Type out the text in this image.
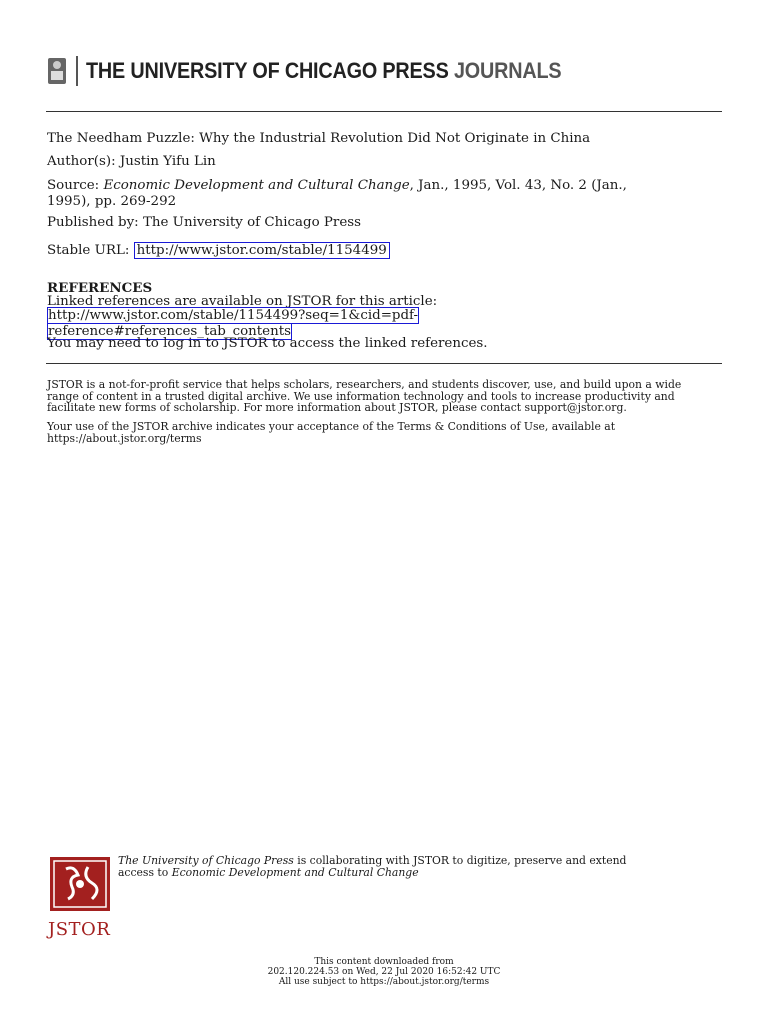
THE UNIVERSITY OF CHICAGO PRESS JOURNALS
The Needham Puzzle: Why the Industrial Revolution Did Not Originate in China
Author(s): Justin Yifu Lin
Source: Economic Development and Cultural Change, Jan., 1995, Vol. 43, No. 2 (Jan.,
1995), pp. 269-292
Published by: The University of Chicago Press
Stable URL: http://www.jstor.com/stable/1154499
REFERENCES
Linked references are available on JSTOR for this article:
http://www.jstor.com/stable/1154499?seq=1&cid=pdf-
reference#references_tab_contents
You may need to log in to JSTOR to access the linked references.
JSTOR is a not-for-profit service that helps scholars, researchers, and students discover, use, and build upon a wide
range of content in a trusted digital archive. We use information technology and tools to increase productivity and
facilitate new forms of scholarship. For more information about JSTOR, please contact support@jstor.org.
Your use of the JSTOR archive indicates your acceptance of the Terms & Conditions of Use, available at
https://about.jstor.org/terms
JSTOR
The University of Chicago Press is collaborating with JSTOR to digitize, preserve and extend
access to Economic Development and Cultural Change
This content downloaded from
202.120.224.53 on Wed, 22 Jul 2020 16:52:42 UTC
All use subject to https://about.jstor.org/terms
